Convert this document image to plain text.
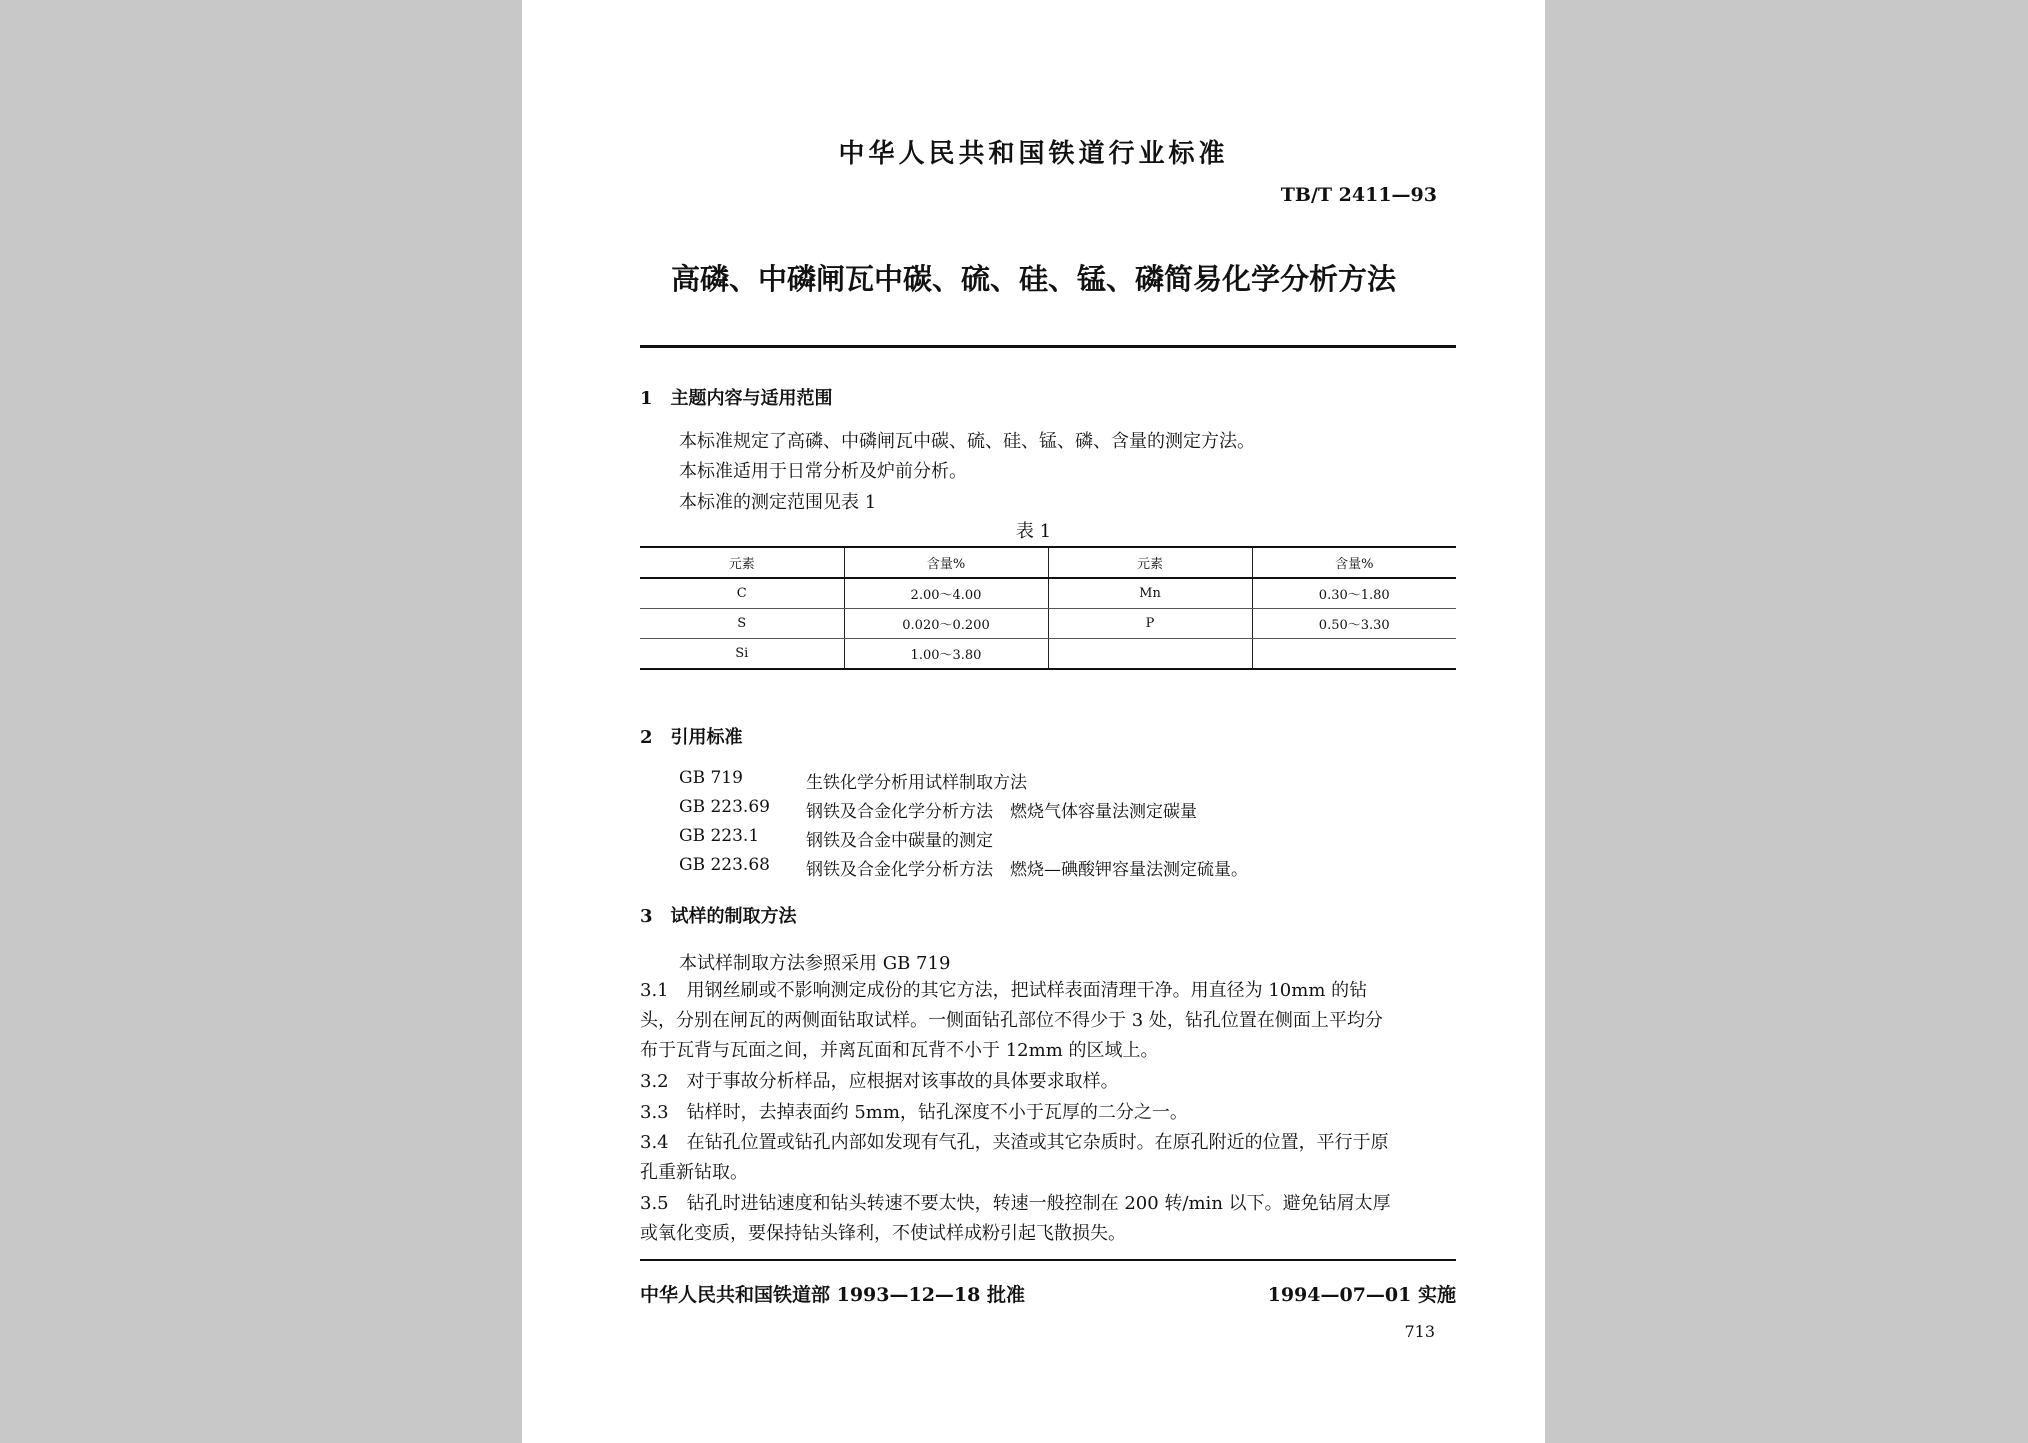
中华人民共和国铁道行业标准
TB/T 2411—93
高磷、中磷闸瓦中碳、硫、硅、锰、磷简易化学分析方法
1　主题内容与适用范围
本标准规定了高磷、中磷闸瓦中碳、硫、硅、锰、磷、含量的测定方法。
本标准适用于日常分析及炉前分析。
本标准的测定范围见表 1
表 1
元素	含量%	元素	含量%
C	2.00～4.00	Mn	0.30～1.80
S	0.020～0.200	P	0.50～3.30
Si	1.00～3.80		
2　引用标准
GB 719	生铁化学分析用试样制取方法
GB 223.69 钢铁及合金化学分析方法　燃烧气体容量法测定碳量
GB 223.1	钢铁及合金中碳量的测定
GB 223.68 钢铁及合金化学分析方法　燃烧—碘酸钾容量法测定硫量。
3　试样的制取方法
本试样制取方法参照采用 GB 719
3.1　用钢丝刷或不影响测定成份的其它方法，把试样表面清理干净。用直径为 10mm 的钻
头，分别在闸瓦的两侧面钻取试样。一侧面钻孔部位不得少于 3 处，钻孔位置在侧面上平均分
布于瓦背与瓦面之间，并离瓦面和瓦背不小于 12mm 的区域上。
3.2　对于事故分析样品，应根据对该事故的具体要求取样。
3.3　钻样时，去掉表面约 5mm，钻孔深度不小于瓦厚的二分之一。
3.4　在钻孔位置或钻孔内部如发现有气孔，夹渣或其它杂质时。在原孔附近的位置，平行于原
孔重新钻取。
3.5　钻孔时进钻速度和钻头转速不要太快，转速一般控制在 200 转/min 以下。避免钻屑太厚
或氧化变质，要保持钻头锋利，不使试样成粉引起飞散损失。
中华人民共和国铁道部 1993—12—18 批准	1994—07—01 实施
713
